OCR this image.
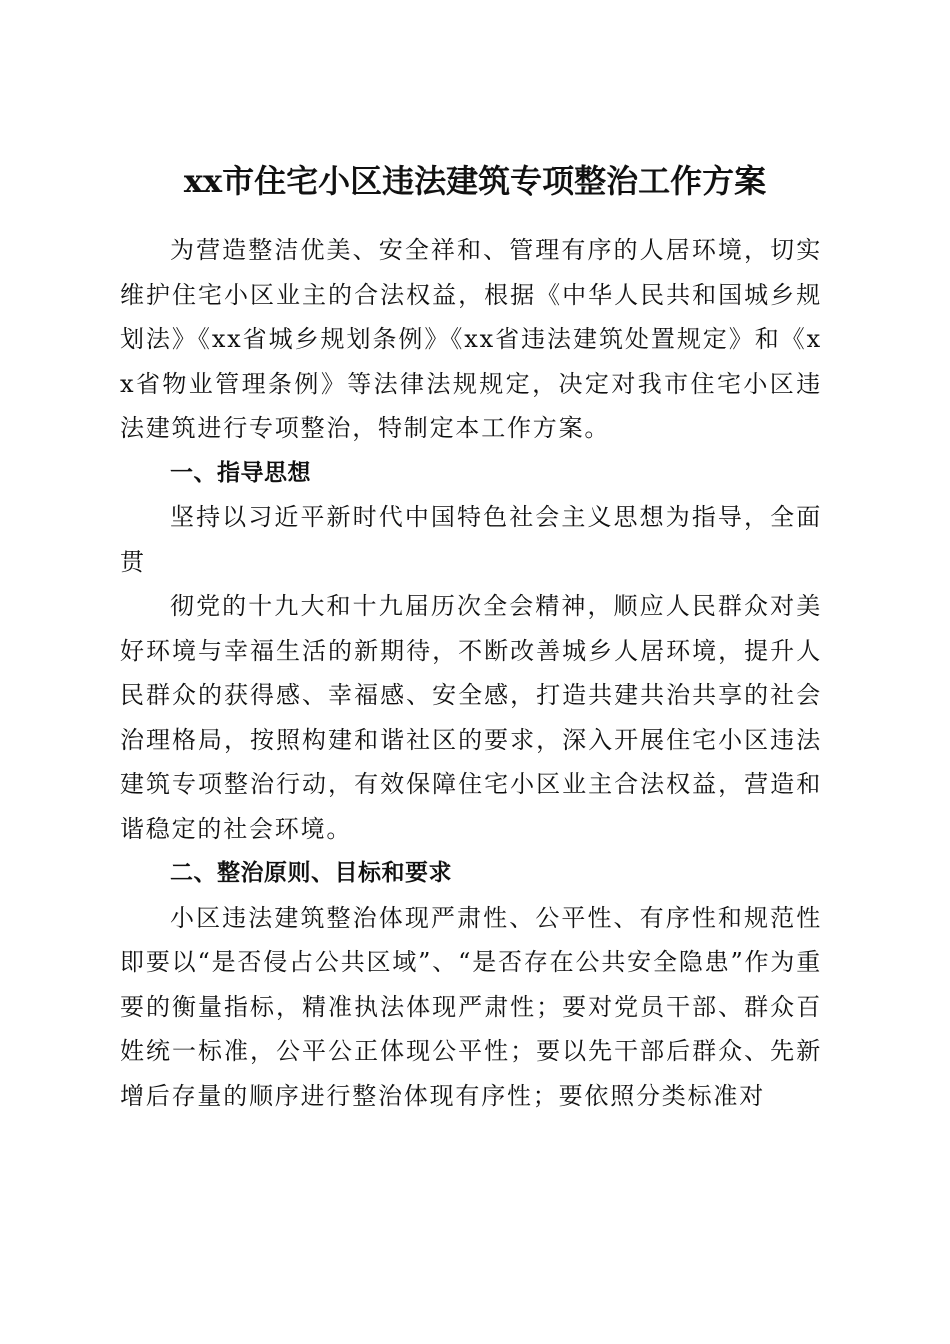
xx市住宅小区违法建筑专项整治工作方案

为营造整洁优美、安全祥和、管理有序的人居环境，切实维护住宅小区业主的合法权益，根据《中华人民共和国城乡规划法》《xx省城乡规划条例》《xx省违法建筑处置规定》和《xx省物业管理条例》等法律法规规定，决定对我市住宅小区违法建筑进行专项整治，特制定本工作方案。

一、指导思想

坚持以习近平新时代中国特色社会主义思想为指导，全面贯

彻党的十九大和十九届历次全会精神，顺应人民群众对美好环境与幸福生活的新期待，不断改善城乡人居环境，提升人民群众的获得感、幸福感、安全感，打造共建共治共享的社会治理格局，按照构建和谐社区的要求，深入开展住宅小区违法建筑专项整治行动，有效保障住宅小区业主合法权益，营造和谐稳定的社会环境。

二、整治原则、目标和要求

小区违法建筑整治体现严肃性、公平性、有序性和规范性即要以“是否侵占公共区域”、“是否存在公共安全隐患”作为重要的衡量指标，精准执法体现严肃性；要对党员干部、群众百姓统一标准，公平公正体现公平性；要以先干部后群众、先新增后存量的顺序进行整治体现有序性；要依照分类标准对
